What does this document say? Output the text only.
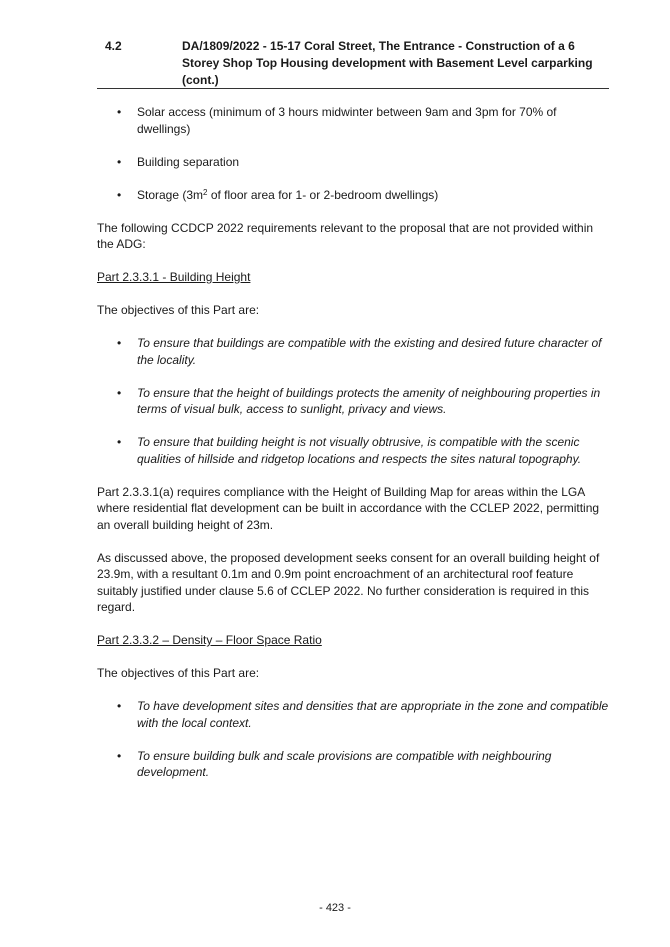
4.2	DA/1809/2022 - 15-17 Coral Street, The Entrance - Construction of a 6 Storey Shop Top Housing development with Basement Level carparking (cont.)
• Solar access (minimum of 3 hours midwinter between 9am and 3pm for 70% of dwellings)
• Building separation
• Storage ($3m^2$ of floor area for 1- or 2-bedroom dwellings)

The following CCDCP 2022 requirements relevant to the proposal that are not provided within the ADG:

Part 2.3.3.1 - Building Height

The objectives of this Part are:

• To ensure that buildings are compatible with the existing and desired future character of the locality.
• To ensure that the height of buildings protects the amenity of neighbouring properties in terms of visual bulk, access to sunlight, privacy and views.
• To ensure that building height is not visually obtrusive, is compatible with the scenic qualities of hillside and ridgetop locations and respects the sites natural topography.

Part 2.3.3.1(a) requires compliance with the Height of Building Map for areas within the LGA where residential flat development can be built in accordance with the CCLEP 2022, permitting an overall building height of 23m.

As discussed above, the proposed development seeks consent for an overall building height of 23.9m, with a resultant 0.1m and 0.9m point encroachment of an architectural roof feature suitably justified under clause 5.6 of CCLEP 2022. No further consideration is required in this regard.

Part 2.3.3.2 – Density – Floor Space Ratio

The objectives of this Part are:

• To have development sites and densities that are appropriate in the zone and compatible with the local context.
• To ensure building bulk and scale provisions are compatible with neighbouring development.
- 423 -
